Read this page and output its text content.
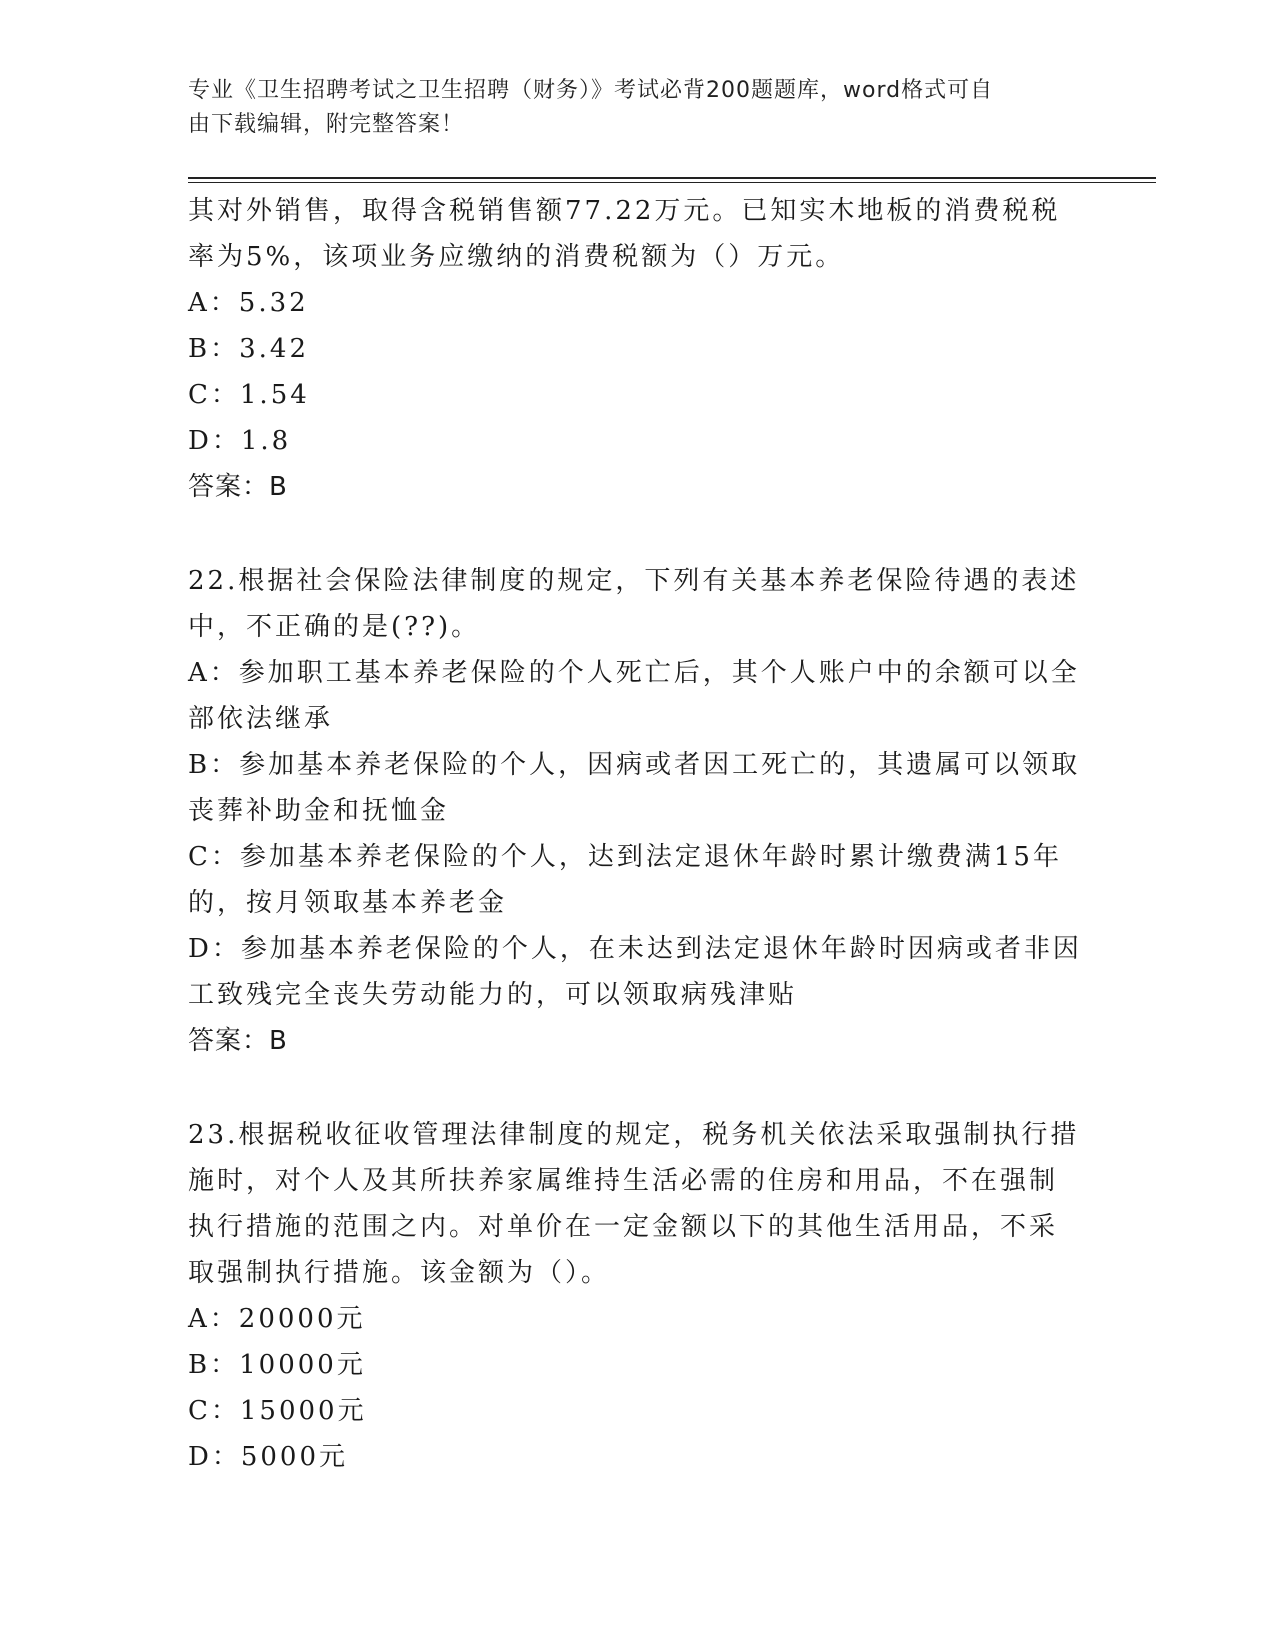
专业《卫生招聘考试之卫生招聘（财务）》考试必背200题题库，word格式可自
由下载编辑，附完整答案！
其对外销售，取得含税销售额77.22万元。已知实木地板的消费税税
率为5%，该项业务应缴纳的消费税额为（）万元。
A：5.32
B：3.42
C：1.54
D：1.8
答案：B
22.根据社会保险法律制度的规定，下列有关基本养老保险待遇的表述
中，不正确的是(??)。
A：参加职工基本养老保险的个人死亡后，其个人账户中的余额可以全
部依法继承
B：参加基本养老保险的个人，因病或者因工死亡的，其遗属可以领取
丧葬补助金和抚恤金
C：参加基本养老保险的个人，达到法定退休年龄时累计缴费满15年
的，按月领取基本养老金
D：参加基本养老保险的个人，在未达到法定退休年龄时因病或者非因
工致残完全丧失劳动能力的，可以领取病残津贴
答案：B
23.根据税收征收管理法律制度的规定，税务机关依法采取强制执行措
施时，对个人及其所扶养家属维持生活必需的住房和用品，不在强制
执行措施的范围之内。对单价在一定金额以下的其他生活用品，不采
取强制执行措施。该金额为（）。
A：20000元
B：10000元
C：15000元
D：5000元
